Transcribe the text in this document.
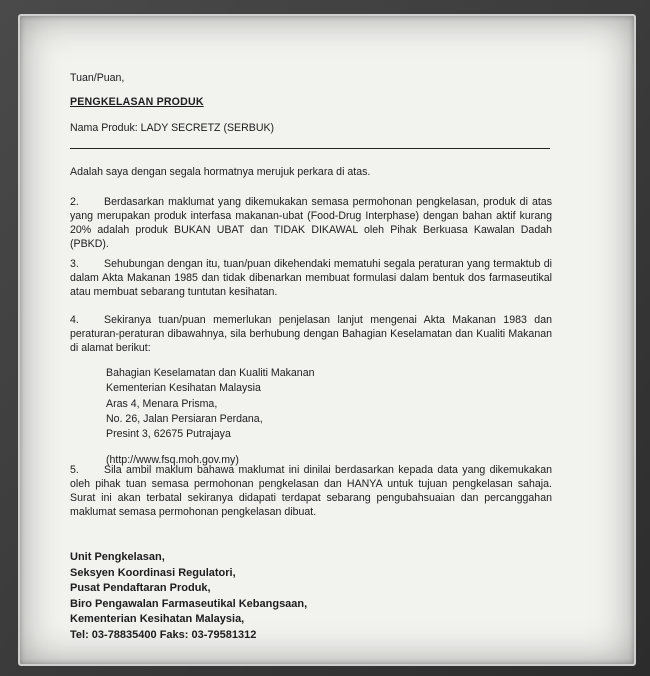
Tuan/Puan,
PENGKELASAN PRODUK
Nama Produk: LADY SECRETZ (SERBUK)
Adalah saya dengan segala hormatnya merujuk perkara di atas.
2. Berdasarkan maklumat yang dikemukakan semasa permohonan pengkelasan, produk di atas yang merupakan produk interfasa makanan-ubat (Food-Drug Interphase) dengan bahan aktif kurang 20% adalah produk BUKAN UBAT dan TIDAK DIKAWAL oleh Pihak Berkuasa Kawalan Dadah (PBKD).
3. Sehubungan dengan itu, tuan/puan dikehendaki mematuhi segala peraturan yang termaktub di dalam Akta Makanan 1985 dan tidak dibenarkan membuat formulasi dalam bentuk dos farmaseutikal atau membuat sebarang tuntutan kesihatan.
4. Sekiranya tuan/puan memerlukan penjelasan lanjut mengenai Akta Makanan 1983 dan peraturan-peraturan dibawahnya, sila berhubung dengan Bahagian Keselamatan dan Kualiti Makanan di alamat berikut:
Bahagian Keselamatan dan Kualiti Makanan
Kementerian Kesihatan Malaysia
Aras 4, Menara Prisma,
No. 26, Jalan Persiaran Perdana,
Presint 3, 62675 Putrajaya
(http://www.fsq.moh.gov.my)
5. Sila ambil maklum bahawa maklumat ini dinilai berdasarkan kepada data yang dikemukakan oleh pihak tuan semasa permohonan pengkelasan dan HANYA untuk tujuan pengkelasan sahaja. Surat ini akan terbatal sekiranya didapati terdapat sebarang pengubahsuaian dan percanggahan maklumat semasa permohonan pengkelasan dibuat.
Unit Pengkelasan,
Seksyen Koordinasi Regulatori,
Pusat Pendaftaran Produk,
Biro Pengawalan Farmaseutikal Kebangsaan,
Kementerian Kesihatan Malaysia,
Tel: 03-78835400 Faks: 03-79581312
